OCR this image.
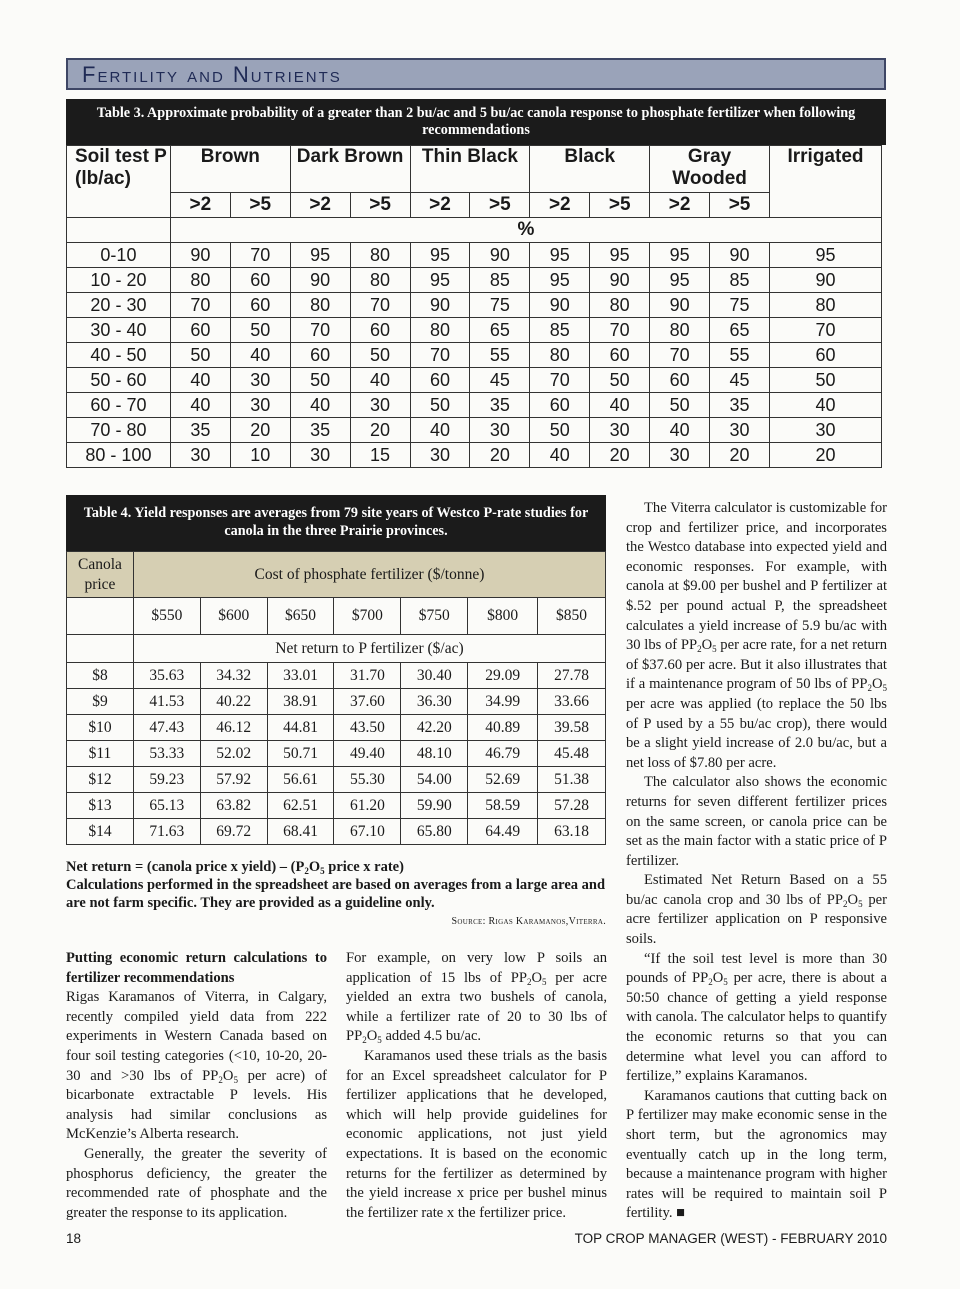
Fertility and Nutrients
Table 3. Approximate probability of a greater than 2 bu/ac and 5 bu/ac canola response to phosphate fertilizer when following recommendations
Soil test P
(lb/ac)	Brown		Dark Brown		Thin Black		Black		Gray Wooded		Irrigated
	>2	>5	>2	>5	>2	>5	>2	>5	>2	>5	
	%										
0-10	90	70	95	80	95	90	95	95	95	90	95
10 - 20	80	60	90	80	95	85	95	90	95	85	90
20 - 30	70	60	80	70	90	75	90	80	90	75	80
30 - 40	60	50	70	60	80	65	85	70	80	65	70
40 - 50	50	40	60	50	70	55	80	60	70	55	60
50 - 60	40	30	50	40	60	45	70	50	60	45	50
60 - 70	40	30	40	30	50	35	60	40	50	35	40
70 - 80	35	20	35	20	40	30	50	30	40	30	30
80 - 100	30	10	30	15	30	20	40	20	30	20	20
Table 4. Yield responses are averages from 79 site years of Westco P-rate studies for canola in the three Prairie provinces.
Canola
price	Cost of phosphate fertilizer ($/tonne)						
	$550	$600	$650	$700	$750	$800	$850
	Net return to P fertilizer ($/ac)						
$8	35.63	34.32	33.01	31.70	30.40	29.09	27.78
$9	41.53	40.22	38.91	37.60	36.30	34.99	33.66
$10	47.43	46.12	44.81	43.50	42.20	40.89	39.58
$11	53.33	52.02	50.71	49.40	48.10	46.79	45.48
$12	59.23	57.92	56.61	55.30	54.00	52.69	51.38
$13	65.13	63.82	62.51	61.20	59.90	58.59	57.28
$14	71.63	69.72	68.41	67.10	65.80	64.49	63.18
Net return = (canola price x yield) – ($P_2O_5$ price x rate)
Calculations performed in the spreadsheet are based on averages from a large area and are not farm specific. They are provided as a guideline only.
Source: Rigas Karamanos,Viterra.

Putting economic return calculations to fertilizer recommendations

Rigas Karamanos of Viterra, in Calgary, recently compiled yield data from 222 experiments in Western Canada based on four soil testing categories (<10, 10-20, 20-30 and >30 lbs of $PP_2O_5$ per acre) of bicarbonate extractable P levels. His analysis had similar conclusions as McKenzie’s Alberta research.

Generally, the greater the severity of phosphorus deficiency, the greater the recommended rate of phosphate and the greater the response to its application.

For example, on very low P soils an application of 15 lbs of $PP_2O_5$ per acre yielded an extra two bushels of canola, while a fertilizer rate of 20 to 30 lbs of $PP_2O_5$ added 4.5 bu/ac.

Karamanos used these trials as the basis for an Excel spreadsheet calculator for P fertilizer applications that he developed, which will help provide guidelines for economic applications, not just yield expectations. It is based on the economic returns for the fertilizer as determined by the yield increase x price per bushel minus the fertilizer rate x the fertilizer price.

The Viterra calculator is customizable for crop and fertilizer price, and incorporates the Westco database into expected yield and economic responses. For example, with canola at $9.00 per bushel and P fertilizer at $.52 per pound actual P, the spreadsheet calculates a yield increase of 5.9 bu/ac with 30 lbs of $PP_2O_5$ per acre rate, for a net return of $37.60 per acre. But it also illustrates that if a maintenance program of 50 lbs of $PP_2O_5$ per acre was applied (to replace the 50 lbs of P used by a 55 bu/ac crop), there would be a slight yield increase of 2.0 bu/ac, but a net loss of $7.80 per acre.

The calculator also shows the economic returns for seven different fertilizer prices on the same screen, or canola price can be set as the main factor with a static price of P fertilizer.

Estimated Net Return Based on a 55 bu/ac canola crop and 30 lbs of $PP_2O_5$ per acre fertilizer application on P responsive soils.

“If the soil test level is more than 30 pounds of $PP_2O_5$ per acre, there is about a 50:50 chance of getting a yield response with canola. The calculator helps to quantify the economic returns so that you can determine what level you can afford to fertilize,” explains Karamanos.

Karamanos cautions that cutting back on P fertilizer may make economic sense in the short term, but the agronomics may eventually catch up in the long term, because a maintenance program with higher rates will be required to maintain soil P fertility. ■

18	TOP CROP MANAGER (WEST) - FEBRUARY 2010
